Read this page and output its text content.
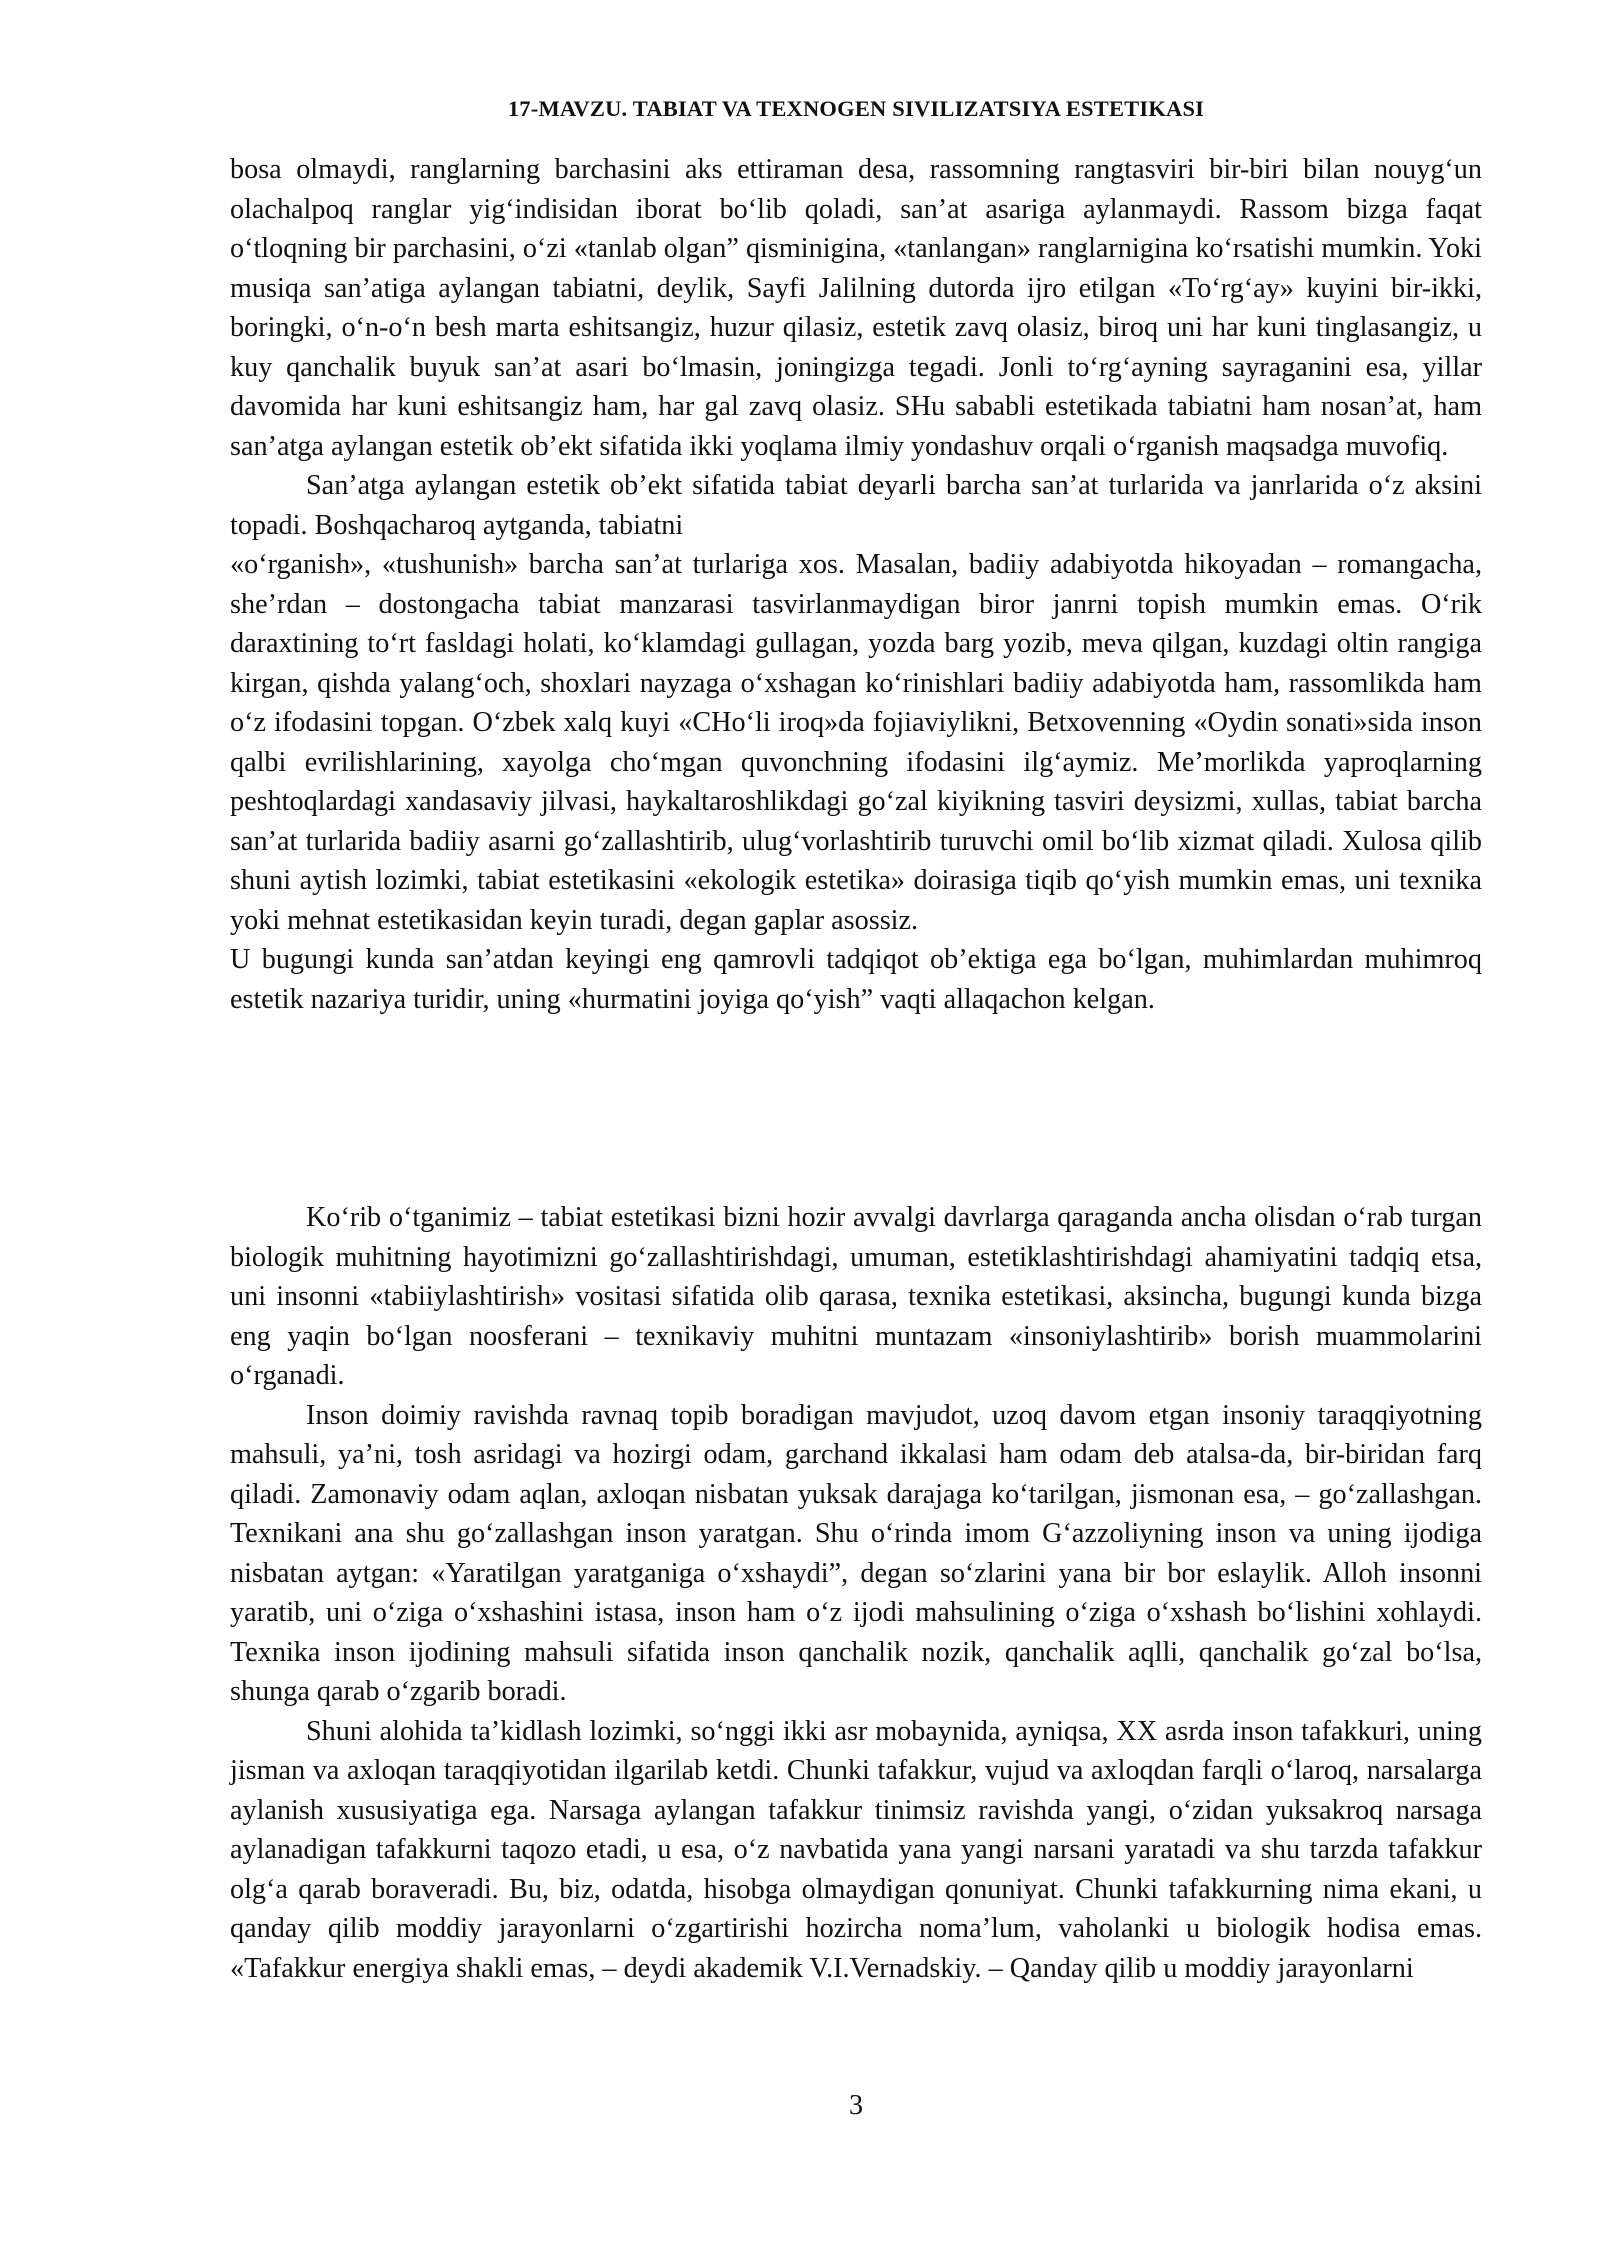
17-MAVZU. TABIAT VA TEXNOGEN SIVILIZATSIYA ESTETIKASI

bosa olmaydi, ranglarning barchasini aks ettiraman desa, rassomning rangtasviri bir-biri bilan nouyg‘un olachalpoq ranglar yig‘indisidan iborat bo‘lib qoladi, san’at asariga aylanmaydi. Rassom bizga faqat o‘tloqning bir parchasini, o‘zi «tanlab olgan” qisminigina, «tanlangan» ranglarnigina ko‘rsatishi mumkin. Yoki musiqa san’atiga aylangan tabiatni, deylik, Sayfi Jalilning dutorda ijro etilgan «To‘rg‘ay» kuyini bir-ikki, boringki, o‘n-o‘n besh marta eshitsangiz, huzur qilasiz, estetik zavq olasiz, biroq uni har kuni tinglasangiz, u kuy qanchalik buyuk san’at asari bo‘lmasin, joningizga tegadi. Jonli to‘rg‘ayning sayraganini esa, yillar davomida har kuni eshitsangiz ham, har gal zavq olasiz. SHu sababli estetikada tabiatni ham nosan’at, ham san’atga aylangan estetik ob’ekt sifatida ikki yoqlama ilmiy yondashuv orqali o‘rganish maqsadga muvofiq.

San’atga aylangan estetik ob’ekt sifatida tabiat deyarli barcha san’at turlarida va janrlarida o‘z aksini topadi. Boshqacharoq aytganda, tabiatni

«o‘rganish», «tushunish» barcha san’at turlariga xos. Masalan, badiiy adabiyotda hikoyadan – romangacha, she’rdan – dostongacha tabiat manzarasi tasvirlanmaydigan biror janrni topish mumkin emas. O‘rik daraxtining to‘rt fasldagi holati, ko‘klamdagi gullagan, yozda barg yozib, meva qilgan, kuzdagi oltin rangiga kirgan, qishda yalang‘och, shoxlari nayzaga o‘xshagan ko‘rinishlari badiiy adabiyotda ham, rassomlikda ham o‘z ifodasini topgan. O‘zbek xalq kuyi «CHo‘li iroq»da fojiaviylikni, Betxovenning «Oydin sonati»sida inson qalbi evrilishlarining, xayolga cho‘mgan quvonchning ifodasini ilg‘aymiz. Me’morlikda yaproqlarning peshtoqlardagi xandasaviy jilvasi, haykaltaroshlikdagi go‘zal kiyikning tasviri deysizmi, xullas, tabiat barcha san’at turlarida badiiy asarni go‘zallashtirib, ulug‘vorlashtirib turuvchi omil bo‘lib xizmat qiladi. Xulosa qilib shuni aytish lozimki, tabiat estetikasini «ekologik estetika» doirasiga tiqib qo‘yish mumkin emas, uni texnika yoki mehnat estetikasidan keyin turadi, degan gaplar asossiz.

U bugungi kunda san’atdan keyingi eng qamrovli tadqiqot ob’ektiga ega bo‘lgan, muhimlardan muhimroq estetik nazariya turidir, uning «hurmatini joyiga qo‘yish” vaqti allaqachon kelgan.

Ko‘rib o‘tganimiz – tabiat estetikasi bizni hozir avvalgi davrlarga qaraganda ancha olisdan o‘rab turgan biologik muhitning hayotimizni go‘zallashtirishdagi, umuman, estetiklashtirishdagi ahamiyatini tadqiq etsa, uni insonni «tabiiylashtirish» vositasi sifatida olib qarasa, texnika estetikasi, aksincha, bugungi kunda bizga eng yaqin bo‘lgan noosferani – texnikaviy muhitni muntazam «insoniylashtirib» borish muammolarini o‘rganadi.

Inson doimiy ravishda ravnaq topib boradigan mavjudot, uzoq davom etgan insoniy taraqqiyotning mahsuli, ya’ni, tosh asridagi va hozirgi odam, garchand ikkalasi ham odam deb atalsa-da, bir-biridan farq qiladi. Zamonaviy odam aqlan, axloqan nisbatan yuksak darajaga ko‘tarilgan, jismonan esa, – go‘zallashgan. Texnikani ana shu go‘zallashgan inson yaratgan. Shu o‘rinda imom G‘azzoliyning inson va uning ijodiga nisbatan aytgan: «Yaratilgan yaratganiga o‘xshaydi”, degan so‘zlarini yana bir bor eslaylik. Alloh insonni yaratib, uni o‘ziga o‘xshashini istasa, inson ham o‘z ijodi mahsulining o‘ziga o‘xshash bo‘lishini xohlaydi. Texnika inson ijodining mahsuli sifatida inson qanchalik nozik, qanchalik aqlli, qanchalik go‘zal bo‘lsa, shunga qarab o‘zgarib boradi.

Shuni alohida ta’kidlash lozimki, so‘nggi ikki asr mobaynida, ayniqsa, XX asrda inson tafakkuri, uning jisman va axloqan taraqqiyotidan ilgarilab ketdi. Chunki tafakkur, vujud va axloqdan farqli o‘laroq, narsalarga aylanish xususiyatiga ega. Narsaga aylangan tafakkur tinimsiz ravishda yangi, o‘zidan yuksakroq narsaga aylanadigan tafakkurni taqozo etadi, u esa, o‘z navbatida yana yangi narsani yaratadi va shu tarzda tafakkur olg‘a qarab boraveradi. Bu, biz, odatda, hisobga olmaydigan qonuniyat. Chunki tafakkurning nima ekani, u qanday qilib moddiy jarayonlarni o‘zgartirishi hozircha noma’lum, vaholanki u biologik hodisa emas. «Tafakkur energiya shakli emas, – deydi akademik V.I.Vernadskiy. – Qanday qilib u moddiy jarayonlarni

3
